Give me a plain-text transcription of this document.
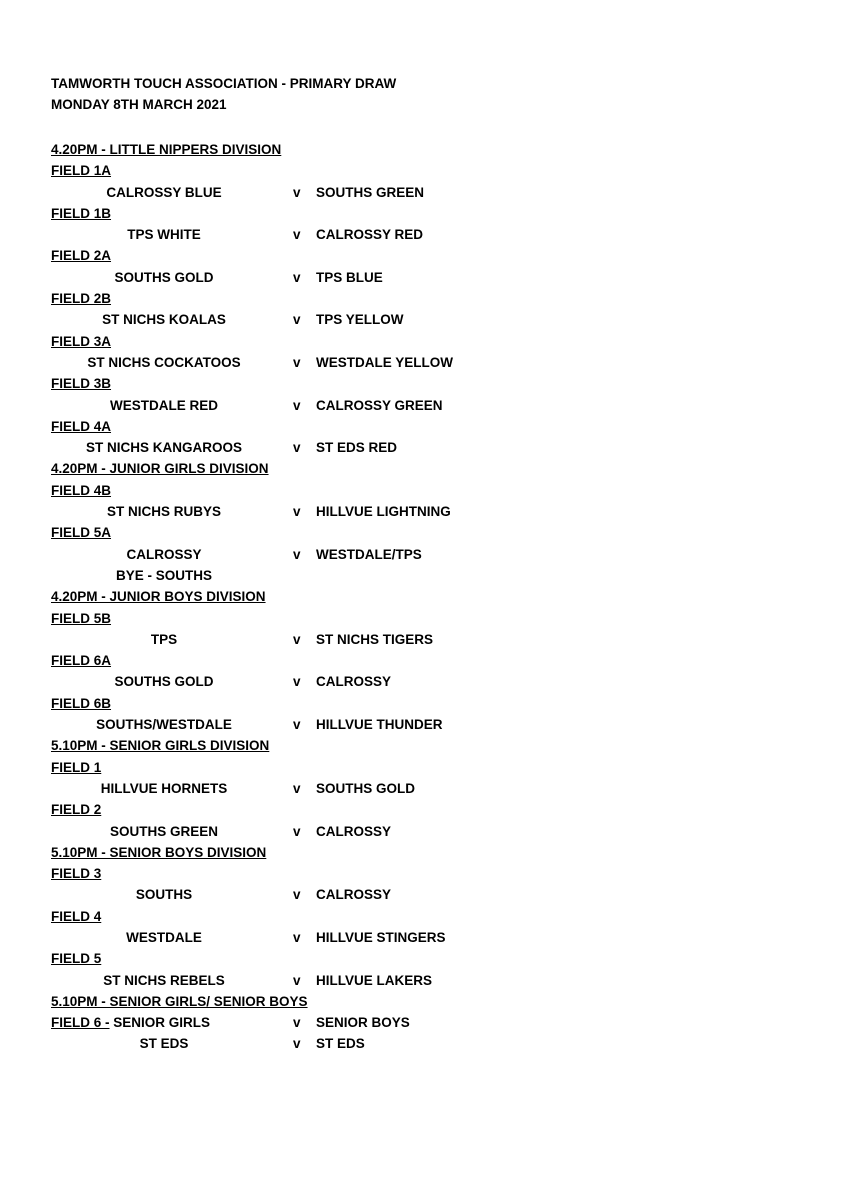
TAMWORTH TOUCH ASSOCIATION - PRIMARY DRAW
MONDAY 8TH MARCH 2021
4.20PM - LITTLE NIPPERS DIVISION
FIELD 1A
CALROSSY BLUE	v SOUTHS GREEN
FIELD 1B
TPS WHITE	v CALROSSY RED
FIELD 2A
SOUTHS GOLD	v TPS BLUE
FIELD 2B
ST NICHS KOALAS	v TPS YELLOW
FIELD 3A
ST NICHS COCKATOOS	v WESTDALE YELLOW
FIELD 3B
WESTDALE RED	v CALROSSY GREEN
FIELD 4A
ST NICHS KANGAROOS	v ST EDS RED
4.20PM - JUNIOR GIRLS DIVISION
FIELD 4B
ST NICHS RUBYS	v HILLVUE LIGHTNING
FIELD 5A
CALROSSY	v WESTDALE/TPS
BYE - SOUTHS
4.20PM - JUNIOR BOYS DIVISION
FIELD 5B
TPS	v ST NICHS TIGERS
FIELD 6A
SOUTHS GOLD	v CALROSSY
FIELD 6B
SOUTHS/WESTDALE	v HILLVUE THUNDER
5.10PM - SENIOR GIRLS DIVISION
FIELD 1
HILLVUE HORNETS	v SOUTHS GOLD
FIELD 2
SOUTHS GREEN	v CALROSSY
5.10PM - SENIOR BOYS DIVISION
FIELD 3
SOUTHS	v CALROSSY
FIELD 4
WESTDALE	v HILLVUE STINGERS
FIELD 5
ST NICHS REBELS	v HILLVUE LAKERS
5.10PM - SENIOR GIRLS/ SENIOR BOYS
FIELD 6 - SENIOR GIRLS	v SENIOR BOYS
ST EDS	v ST EDS
